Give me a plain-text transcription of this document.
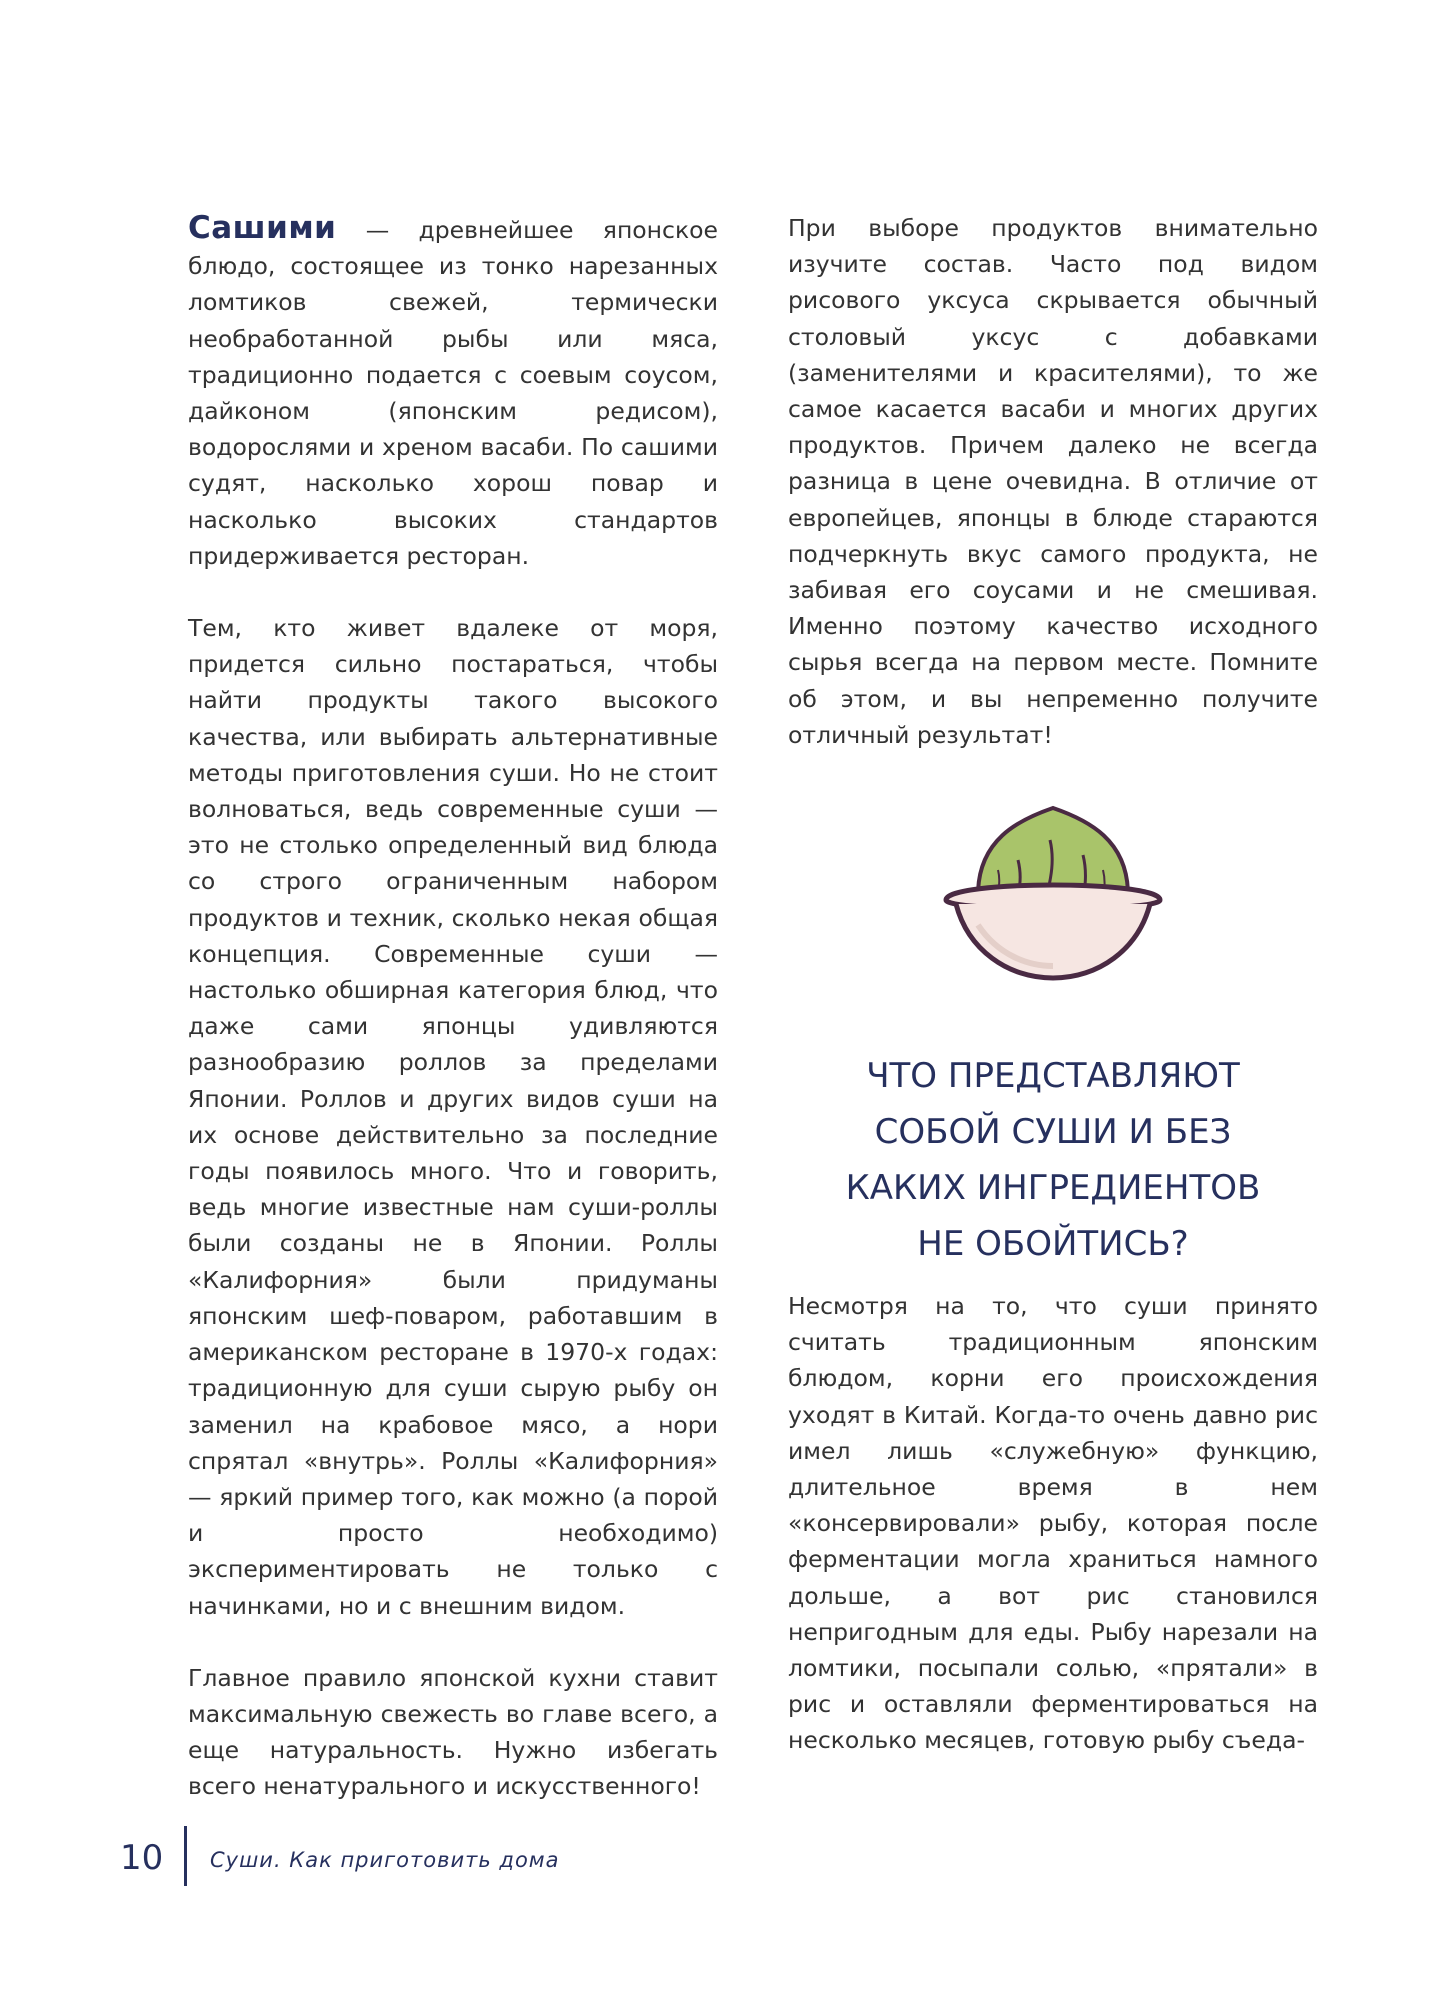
Сашими — древнейшее японское блюдо, состоящее из тонко нарезанных ломтиков свежей, термически необработанной рыбы или мяса, традиционно подается с соевым соусом, дайконом (японским редисом), водорослями и хреном васаби. По сашими судят, насколько хорош повар и насколько высоких стандартов придерживается ресторан.

Тем, кто живет вдалеке от моря, придется сильно постараться, чтобы найти продукты такого высокого качества, или выбирать альтернативные методы приготовления суши. Но не стоит волноваться, ведь современные суши — это не столько определенный вид блюда со строго ограниченным набором продуктов и техник, сколько некая общая концепция. Современные суши — настолько обширная категория блюд, что даже сами японцы удивляются разнообразию роллов за пределами Японии. Роллов и других видов суши на их основе действительно за последние годы появилось много. Что и говорить, ведь многие известные нам суши-роллы были созданы не в Японии. Роллы «Калифорния» были придуманы японским шеф-поваром, работавшим в американском ресторане в 1970-х годах: традиционную для суши сырую рыбу он заменил на крабовое мясо, а нори спрятал «внутрь». Роллы «Калифорния» — яркий пример того, как можно (а порой и просто необходимо) экспериментировать не только с начинками, но и с внешним видом.

Главное правило японской кухни ставит максимальную свежесть во главе всего, а еще натуральность. Нужно избегать всего ненатурального и искусственного!

При выборе продуктов внимательно изучите состав. Часто под видом рисового уксуса скрывается обычный столовый уксус с добавками (заменителями и красителями), то же самое касается васаби и многих других продуктов. Причем далеко не всегда разница в цене очевидна. В отличие от европейцев, японцы в блюде стараются подчеркнуть вкус самого продукта, не забивая его соусами и не смешивая. Именно поэтому качество исходного сырья всегда на первом месте. Помните об этом, и вы непременно получите отличный результат!

ЧТО ПРЕДСТАВЛЯЮТ
СОБОЙ СУШИ И БЕЗ
КАКИХ ИНГРЕДИЕНТОВ
НЕ ОБОЙТИСЬ?

Несмотря на то, что суши принято считать традиционным японским блюдом, корни его происхождения уходят в Китай. Когда-то очень давно рис имел лишь «служебную» функцию, длительное время в нем «консервировали» рыбу, которая после ферментации могла храниться намного дольше, а вот рис становился непригодным для еды. Рыбу нарезали на ломтики, посыпали солью, «прятали» в рис и оставляли ферментироваться на несколько месяцев, готовую рыбу съеда-

10 Суши. Как приготовить дома
